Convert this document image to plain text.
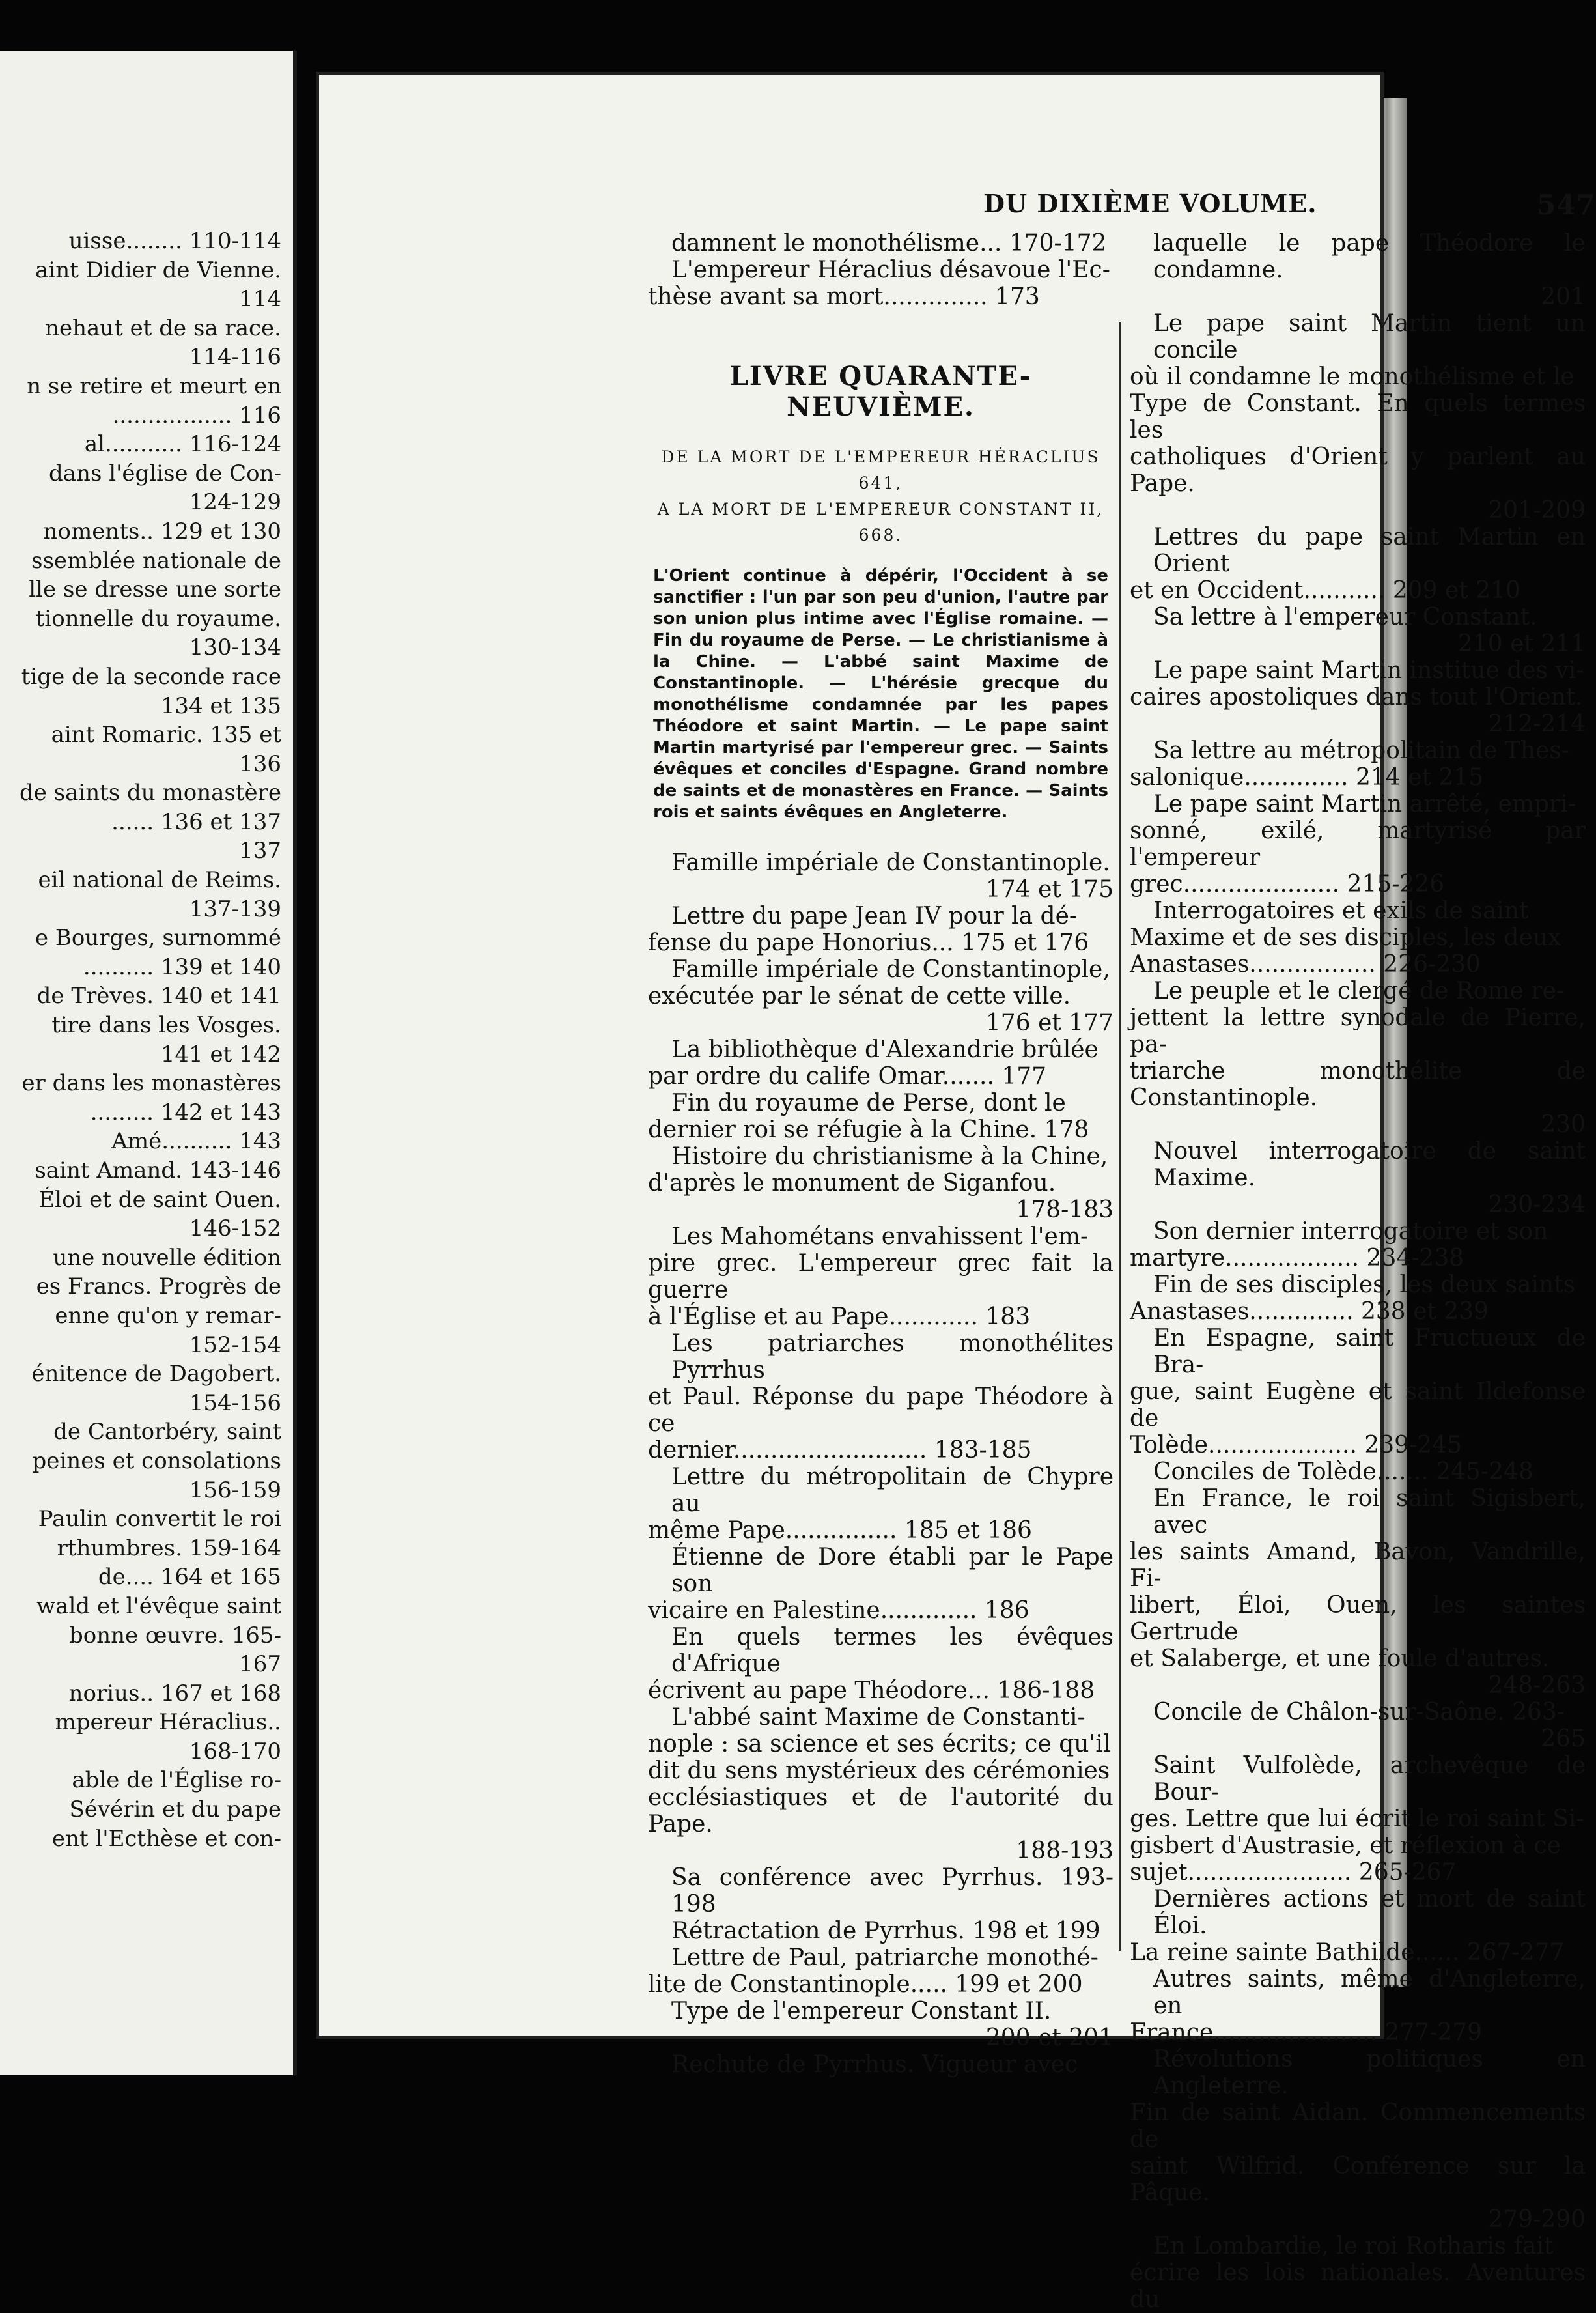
uisse........ 110-114
aint Didier de Vienne.
114
nehaut et de sa race.
114-116
n se retire et meurt en
................. 116
al........... 116-124
dans l'église de Con-
124-129
noments.. 129 et 130
ssemblée nationale de
lle se dresse une sorte
tionnelle du royaume.
130-134
tige de la seconde race
134 et 135
aint Romaric. 135 et
136
de saints du monastère
...... 136 et 137
137
eil national de Reims.
137-139
e Bourges, surnommé
.......... 139 et 140
de Trèves. 140 et 141
tire dans les Vosges.
141 et 142
er dans les monastères
......... 142 et 143
Amé.......... 143
saint Amand. 143-146
Éloi et de saint Ouen.
146-152
une nouvelle édition
es Francs. Progrès de
enne qu'on y remar-
152-154
énitence de Dagobert.
154-156
de Cantorbéry, saint
peines et consolations
156-159
Paulin convertit le roi
rthumbres. 159-164
de.... 164 et 165
wald et l'évêque saint
bonne œuvre. 165-
167
norius.. 167 et 168
mpereur Héraclius..
168-170
able de l'Église ro-
Sévérin et du pape
ent l'Ecthèse et con-
DU DIXIÈME VOLUME.	547
damnent le monothélisme... 170-172
L'empereur Héraclius désavoue l'Ec-
thèse avant sa mort.............. 173
LIVRE QUARANTE-NEUVIÈME.
DE LA MORT DE L'EMPEREUR HÉRACLIUS 641,
A LA MORT DE L'EMPEREUR CONSTANT II, 668.
L'Orient continue à dépérir, l'Occident à se sanctifier : l'un par son peu d'union, l'autre par son union plus intime avec l'Église romaine. — Fin du royaume de Perse. — Le christianisme à la Chine. — L'abbé saint Maxime de Constantinople. — L'hérésie grecque du monothélisme condamnée par les papes Théodore et saint Martin. — Le pape saint Martin martyrisé par l'empereur grec. — Saints évêques et conciles d'Espagne. Grand nombre de saints et de monastères en France. — Saints rois et saints évêques en Angleterre.
Famille impériale de Constantinople.
174 et 175
Lettre du pape Jean IV pour la dé-
fense du pape Honorius... 175 et 176
Famille impériale de Constantinople,
exécutée par le sénat de cette ville.
176 et 177
La bibliothèque d'Alexandrie brûlée
par ordre du calife Omar....... 177
Fin du royaume de Perse, dont le
dernier roi se réfugie à la Chine. 178
Histoire du christianisme à la Chine,
d'après le monument de Siganfou.
178-183
Les Mahométans envahissent l'em-
pire grec. L'empereur grec fait la guerre
à l'Église et au Pape............ 183
Les patriarches monothélites Pyrrhus
et Paul. Réponse du pape Théodore à ce
dernier.......................... 183-185
Lettre du métropolitain de Chypre au
même Pape............... 185 et 186
Étienne de Dore établi par le Pape son
vicaire en Palestine............. 186
En quels termes les évêques d'Afrique
écrivent au pape Théodore... 186-188
L'abbé saint Maxime de Constanti-
nople : sa science et ses écrits; ce qu'il
dit du sens mystérieux des cérémonies
ecclésiastiques et de l'autorité du Pape.
188-193
Sa conférence avec Pyrrhus. 193-198
Rétractation de Pyrrhus. 198 et 199
Lettre de Paul, patriarche monothé-
lite de Constantinople..... 199 et 200
Type de l'empereur Constant II.
200 et 201
Rechute de Pyrrhus. Vigueur avec
laquelle le pape Théodore le condamne.
201
Le pape saint Martin tient un concile
où il condamne le monothélisme et le
Type de Constant. En quels termes les
catholiques d'Orient y parlent au Pape.
201-209
Lettres du pape saint Martin en Orient
et en Occident........... 209 et 210
Sa lettre à l'empereur Constant.
210 et 211
Le pape saint Martin institue des vi-
caires apostoliques dans tout l'Orient.
212-214
Sa lettre au métropolitain de Thes-
salonique.............. 214 et 215
Le pape saint Martin arrêté, empri-
sonné, exilé, martyrisé par l'empereur
grec..................... 215-226
Interrogatoires et exils de saint
Maxime et de ses disciples, les deux
Anastases................. 226-230
Le peuple et le clergé de Rome re-
jettent la lettre synodale de Pierre, pa-
triarche monothélite de Constantinople.
230
Nouvel interrogatoire de saint Maxime.
230-234
Son dernier interrogatoire et son
martyre.................. 234-238
Fin de ses disciples, les deux saints
Anastases.............. 238 et 239
En Espagne, saint Fructueux de Bra-
gue, saint Eugène et saint Ildefonse de
Tolède.................... 239-245
Conciles de Tolède....... 245-248
En France, le roi saint Sigisbert, avec
les saints Amand, Bavon, Vandrille, Fi-
libert, Éloi, Ouen, les saintes Gertrude
et Salaberge, et une foule d'autres.
248-263
Concile de Châlon-sur-Saône. 263-
265
Saint Vulfolède, archevêque de Bour-
ges. Lettre que lui écrit le roi saint Si-
gisbert d'Austrasie, et réflexion à ce
sujet...................... 265-267
Dernières actions et mort de saint Éloi.
La reine sainte Bathilde...... 267-277
Autres saints, même d'Angleterre, en
France...................... 277-279
Révolutions politiques en Angleterre.
Fin de saint Aidan. Commencements de
saint Wilfrid. Conférence sur la Pâque.
279-290
En Lombardie, le roi Rotharis fait
écrire les lois nationales. Aventures du
